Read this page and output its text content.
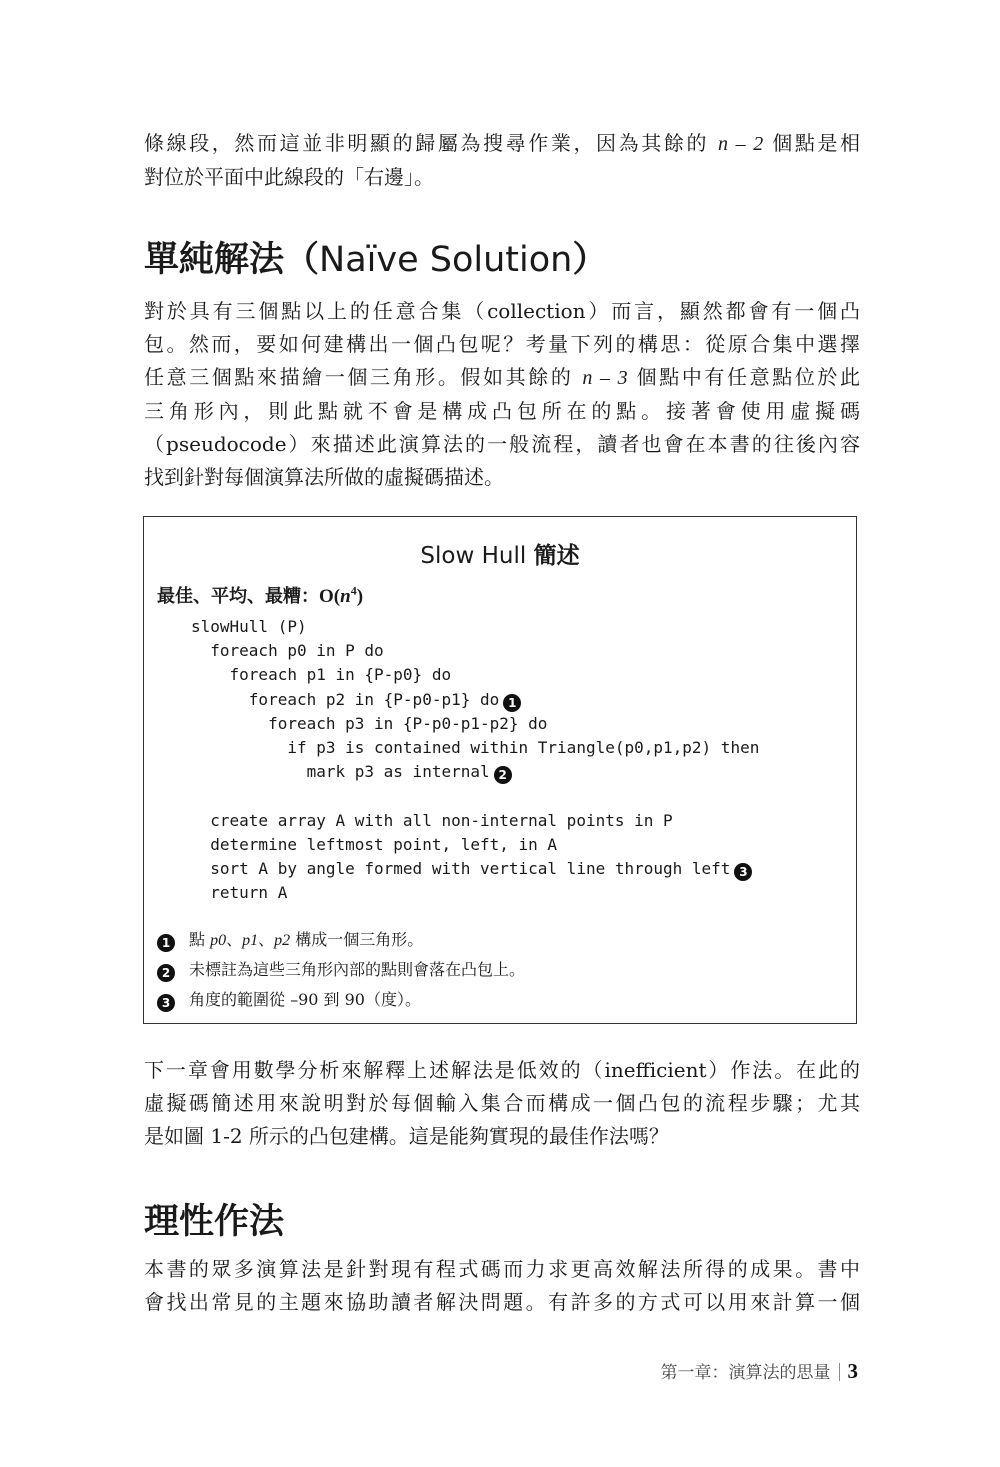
條線段，然而這並非明顯的歸屬為搜尋作業，因為其餘的 n – 2 個點是相
對位於平面中此線段的「右邊」。
單純解法（Naïve Solution）
對於具有三個點以上的任意合集（collection）而言，顯然都會有一個凸
包。然而，要如何建構出一個凸包呢？考量下列的構思：從原合集中選擇
任意三個點來描繪一個三角形。假如其餘的 n – 3 個點中有任意點位於此
三角形內，則此點就不會是構成凸包所在的點。接著會使用虛擬碼
（pseudocode）來描述此演算法的一般流程，讀者也會在本書的往後內容
找到針對每個演算法所做的虛擬碼描述。
Slow Hull 簡述
最佳、平均、最糟：$O(n^4)$
slowHull (P)
foreach p0 in P do
foreach p1 in {P-p0} do
foreach p2 in {P-p0-p1} do 1
foreach p3 in {P-p0-p1-p2} do
if p3 is contained within Triangle(p0,p1,p2) then
mark p3 as internal 2
create array A with all non-internal points in P
determine leftmost point, left, in A
sort A by angle formed with vertical line through left 3
return A
1 點 p0、p1、p2 構成一個三角形。
2 未標註為這些三角形內部的點則會落在凸包上。
3 角度的範圍從 –90 到 90（度）。
下一章會用數學分析來解釋上述解法是低效的（inefficient）作法。在此的
虛擬碼簡述用來說明對於每個輸入集合而構成一個凸包的流程步驟；尤其
是如圖 1-2 所示的凸包建構。這是能夠實現的最佳作法嗎？
理性作法
本書的眾多演算法是針對現有程式碼而力求更高效解法所得的成果。書中
會找出常見的主題來協助讀者解決問題。有許多的方式可以用來計算一個
第一章：演算法的思量 3
